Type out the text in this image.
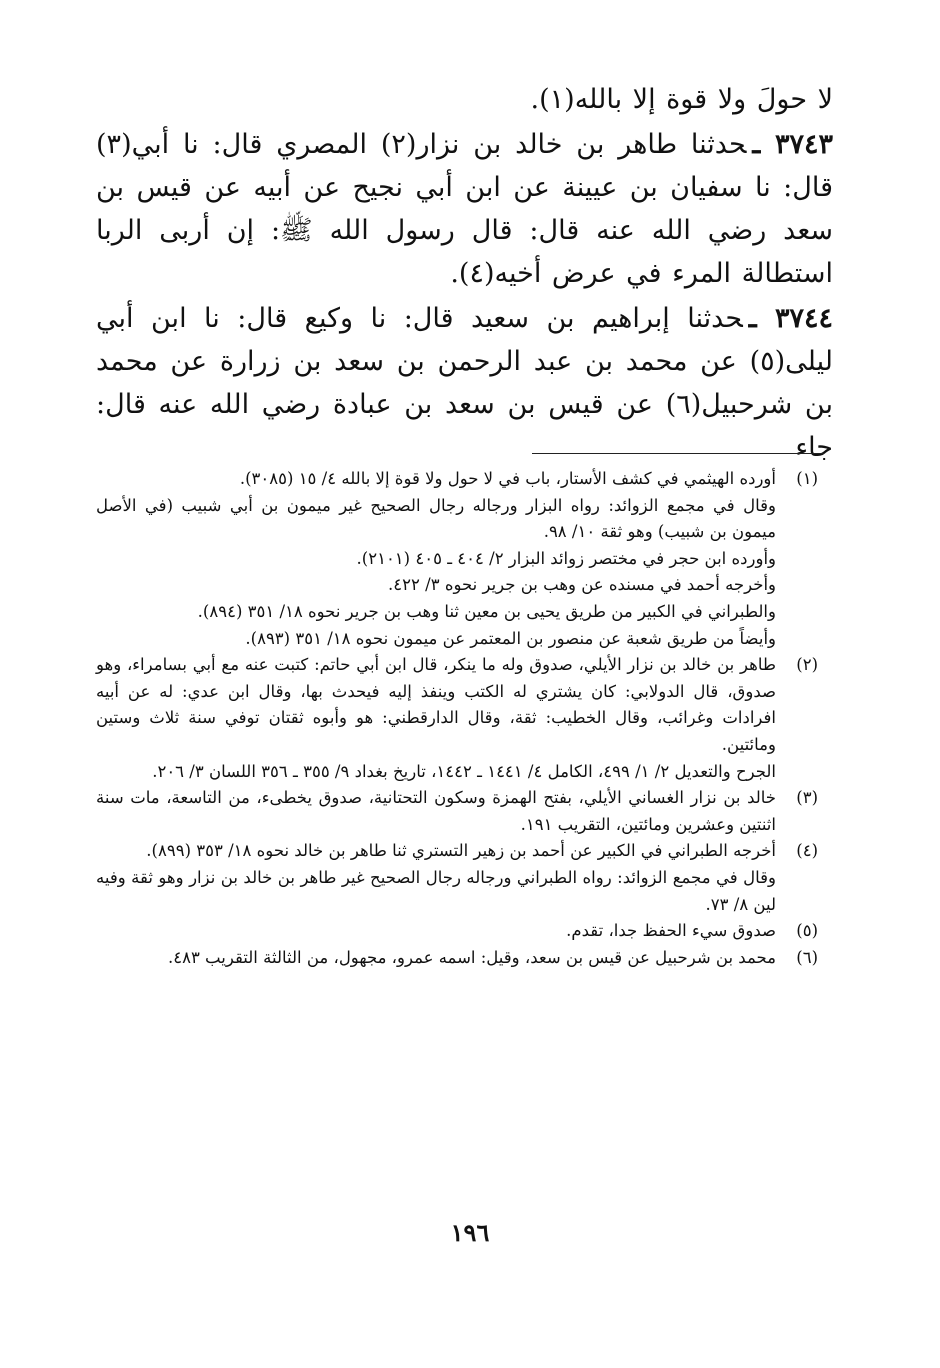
لا حولَ ولا قوة إلا بالله(١).

٣٧٤٣ ـحدثنا طاهر بن خالد بن نزار(٢) المصري قال: نا أبي(٣) قال: نا سفيان بن عيينة عن ابن أبي نجيح عن أبيه عن قيس بن سعد رضي الله عنه قال: قال رسول الله ﷺ: إن أربى الربا استطالة المرء في عرض أخيه(٤).

٣٧٤٤ ـحدثنا إبراهيم بن سعيد قال: نا وكيع قال: نا ابن أبي ليلى(٥) عن محمد بن عبد الرحمن بن سعد بن زرارة عن محمد بن شرحبيل(٦) عن قيس بن سعد بن عبادة رضي الله عنه قال: جاء

(١)

أورده الهيثمي في كشف الأستار، باب في لا حول ولا قوة إلا بالله ٤/ ١٥ (٣٠٨٥).

وقال في مجمع الزوائد: رواه البزار ورجاله رجال الصحيح غير ميمون بن أبي شبيب (في الأصل ميمون بن شبيب) وهو ثقة ١٠/ ٩٨.

وأورده ابن حجر في مختصر زوائد البزار ٢/ ٤٠٤ ـ ٤٠٥ (٢١٠١).

وأخرجه أحمد في مسنده عن وهب بن جرير نحوه ٣/ ٤٢٢.

والطبراني في الكبير من طريق يحيى بن معين ثنا وهب بن جرير نحوه ١٨/ ٣٥١ (٨٩٤).

وأيضاً من طريق شعبة عن منصور بن المعتمر عن ميمون نحوه ١٨/ ٣٥١ (٨٩٣).

(٢)

طاهر بن خالد بن نزار الأيلي، صدوق وله ما ينكر، قال ابن أبي حاتم: كتبت عنه مع أبي بسامراء، وهو صدوق، قال الدولابي: كان يشتري له الكتب وينفذ إليه فيحدث بها، وقال ابن عدي: له عن أبيه افرادات وغرائب، وقال الخطيب: ثقة، وقال الدارقطني: هو وأبوه ثقتان توفي سنة ثلاث وستين ومائتين.

الجرح والتعديل ٢/ ١/ ٤٩٩، الكامل ٤/ ١٤٤١ ـ ١٤٤٢، تاريخ بغداد ٩/ ٣٥٥ ـ ٣٥٦ اللسان ٣/ ٢٠٦.

(٣)

خالد بن نزار الغساني الأيلي، بفتح الهمزة وسكون التحتانية، صدوق يخطىء، من التاسعة، مات سنة اثنتين وعشرين ومائتين، التقريب ١٩١.

(٤)

أخرجه الطبراني في الكبير عن أحمد بن زهير التستري ثنا طاهر بن خالد نحوه ١٨/ ٣٥٣ (٨٩٩).

وقال في مجمع الزوائد: رواه الطبراني ورجاله رجال الصحيح غير طاهر بن خالد بن نزار وهو ثقة وفيه لين ٨/ ٧٣.

(٥)

صدوق سيء الحفظ جدا، تقدم.

(٦)

محمد بن شرحبيل عن قيس بن سعد، وقيل: اسمه عمرو، مجهول، من الثالثة التقريب ٤٨٣.

١٩٦
